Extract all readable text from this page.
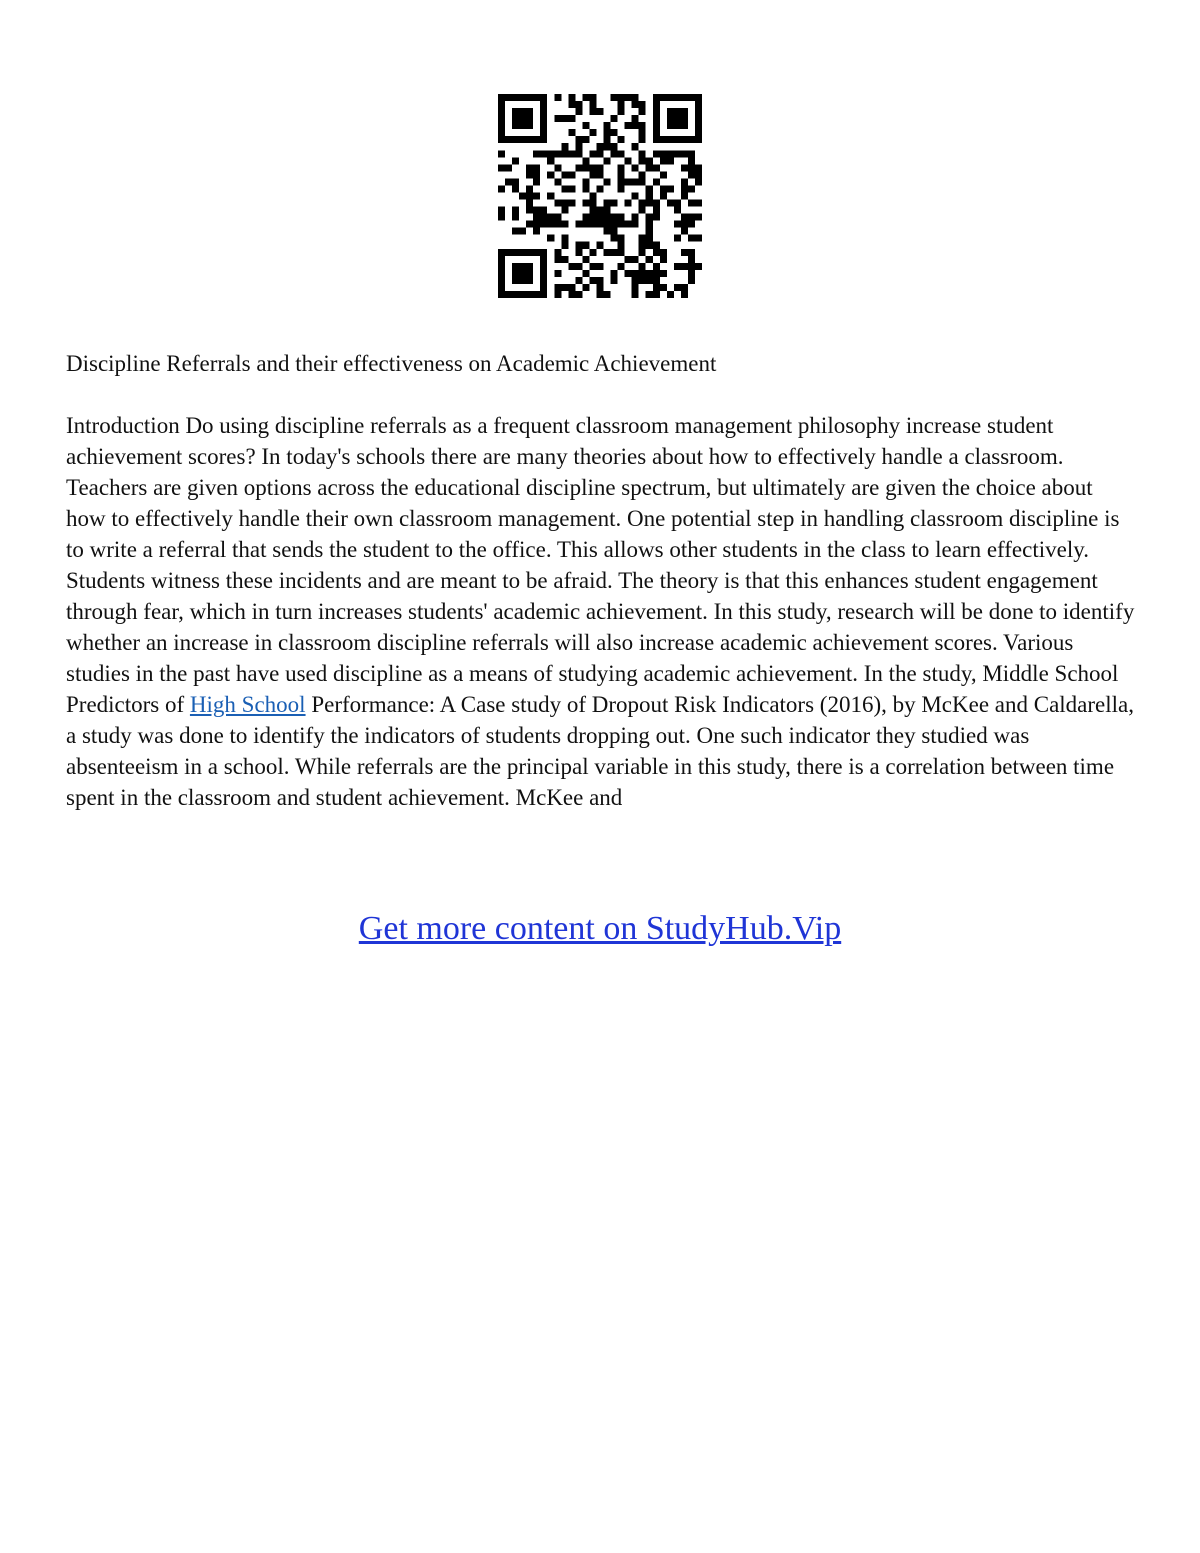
Discipline Referrals and their effectiveness on Academic Achievement

Introduction Do using discipline referrals as a frequent classroom management philosophy increase student achievement scores? In today's schools there are many theories about how to effectively handle a classroom. Teachers are given options across the educational discipline spectrum, but ultimately are given the choice about how to effectively handle their own classroom management. One potential step in handling classroom discipline is to write a referral that sends the student to the office. This allows other students in the class to learn effectively. Students witness these incidents and are meant to be afraid. The theory is that this enhances student engagement through fear, which in turn increases students' academic achievement. In this study, research will be done to identify whether an increase in classroom discipline referrals will also increase academic achievement scores. Various studies in the past have used discipline as a means of studying academic achievement. In the study, Middle School Predictors of High School Performance: A Case study of Dropout Risk Indicators (2016), by McKee and Caldarella, a study was done to identify the indicators of students dropping out. One such indicator they studied was absenteeism in a school. While referrals are the principal variable in this study, there is a correlation between time spent in the classroom and student achievement. McKee and

Get more content on StudyHub.Vip
